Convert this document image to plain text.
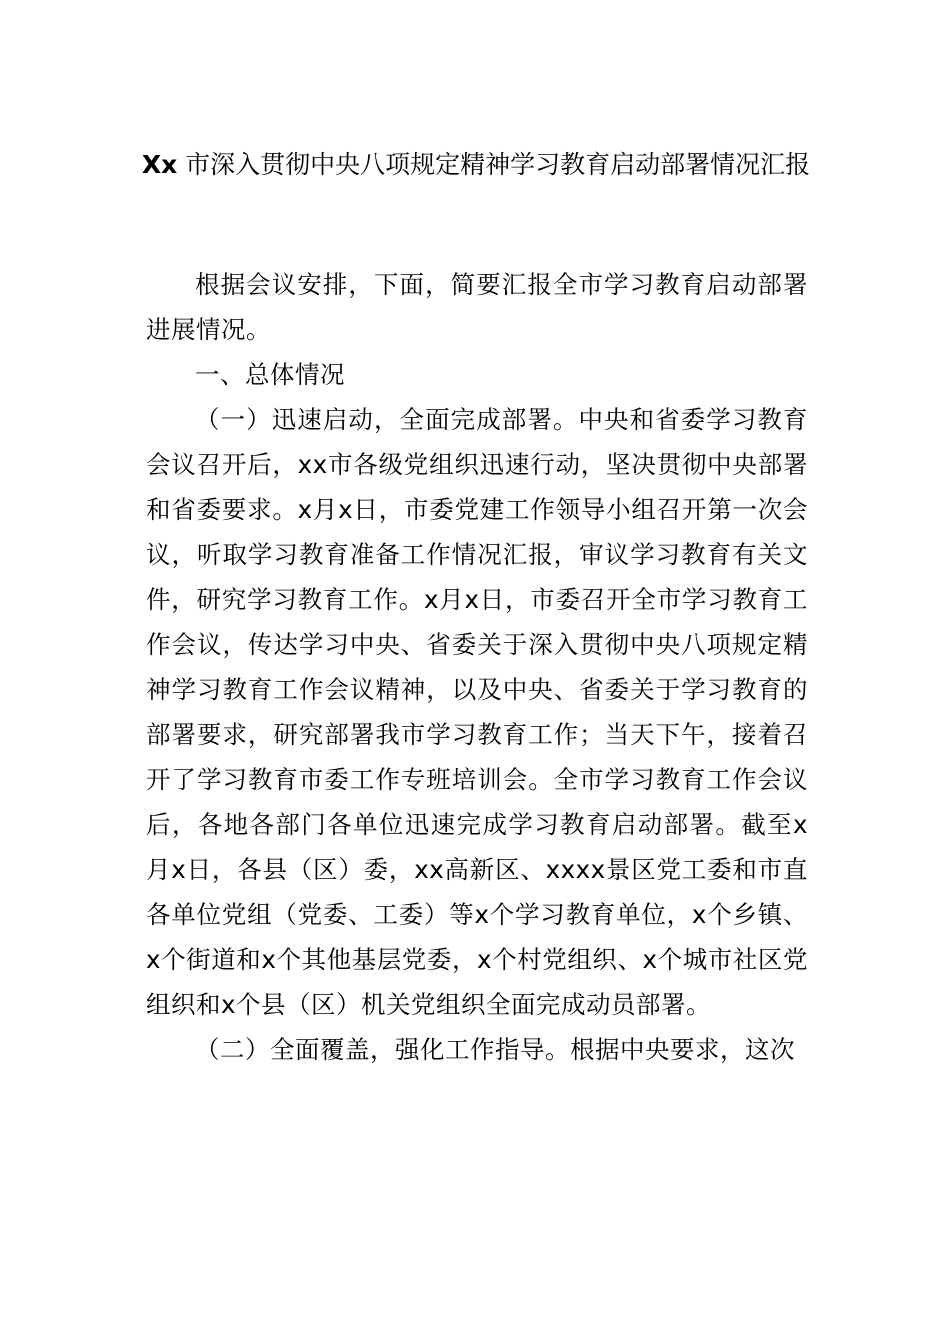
Xx 市深入贯彻中央八项规定精神学习教育启动部署情况汇报

根据会议安排，下面，简要汇报全市学习教育启动部署进展情况。

一、总体情况

（一）迅速启动，全面完成部署。中央和省委学习教育会议召开后，xx市各级党组织迅速行动，坚决贯彻中央部署和省委要求。x月x日，市委党建工作领导小组召开第一次会议，听取学习教育准备工作情况汇报，审议学习教育有关文件，研究学习教育工作。x月x日，市委召开全市学习教育工作会议，传达学习中央、省委关于深入贯彻中央八项规定精神学习教育工作会议精神，以及中央、省委关于学习教育的部署要求，研究部署我市学习教育工作；当天下午，接着召开了学习教育市委工作专班培训会。全市学习教育工作会议后，各地各部门各单位迅速完成学习教育启动部署。截至x月x日，各县（区）委，xx高新区、xxxx景区党工委和市直各单位党组（党委、工委）等x个学习教育单位，x个乡镇、x个街道和x个其他基层党委，x个村党组织、x个城市社区党组织和x个县（区）机关党组织全面完成动员部署。

（二）全面覆盖，强化工作指导。根据中央要求，这次
